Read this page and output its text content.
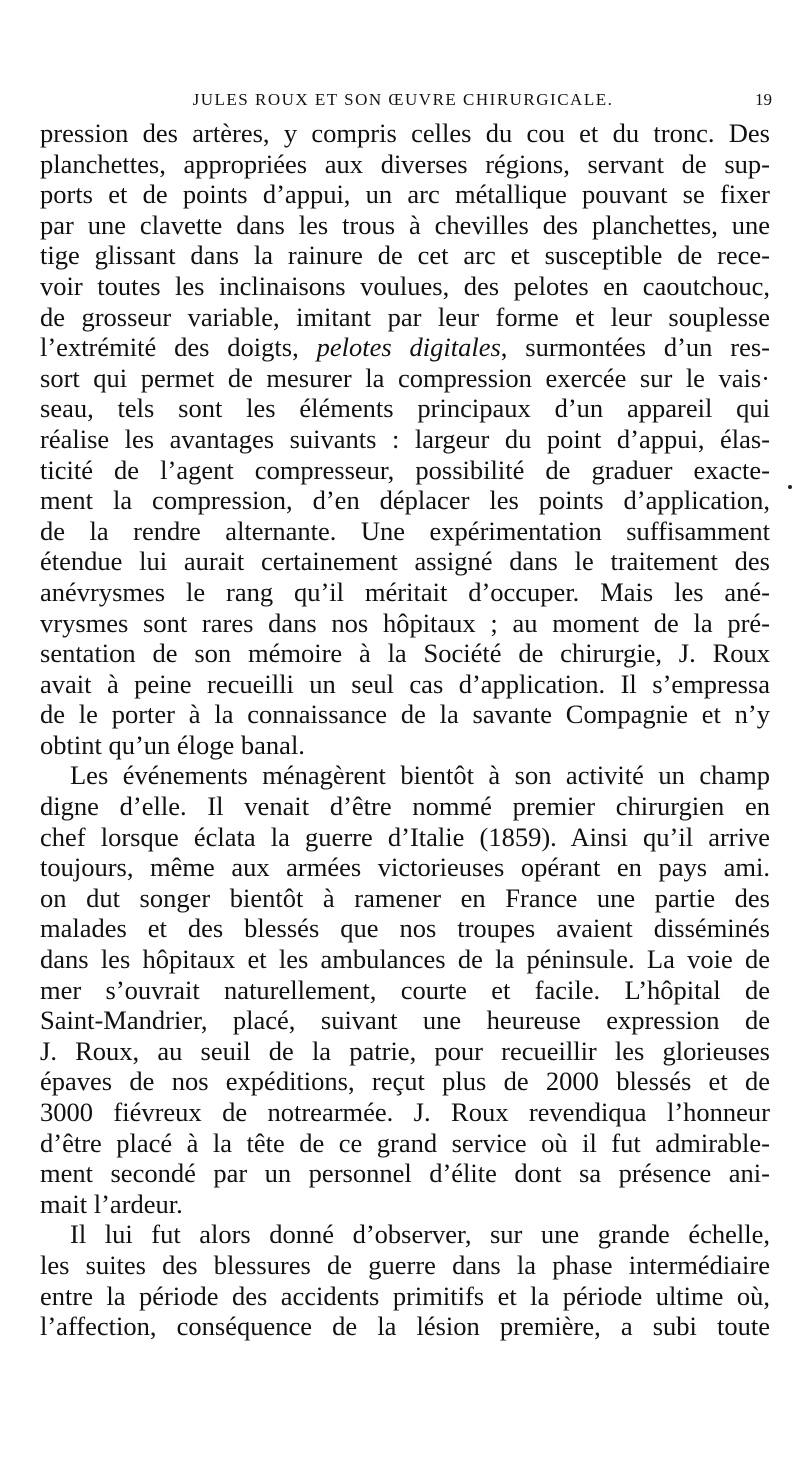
JULES ROUX ET SON ŒUVRE CHIRURGICALE.	19
pression des artères, y compris celles du cou et du tronc. Des
planchettes, appropriées aux diverses régions, servant de sup-
ports et de points d’appui, un arc métallique pouvant se fixer
par une clavette dans les trous à chevilles des planchettes, une
tige glissant dans la rainure de cet arc et susceptible de rece-
voir toutes les inclinaisons voulues, des pelotes en caoutchouc,
de grosseur variable, imitant par leur forme et leur souplesse
l’extrémité des doigts, pelotes digitales, surmontées d’un res-
sort qui permet de mesurer la compression exercée sur le vais·
seau, tels sont les éléments principaux d’un appareil qui
réalise les avantages suivants : largeur du point d’appui, élas-
ticité de l’agent compresseur, possibilité de graduer exacte-
ment la compression, d’en déplacer les points d’application,
de la rendre alternante. Une expérimentation suffisamment
étendue lui aurait certainement assigné dans le traitement des
anévrysmes le rang qu’il méritait d’occuper. Mais les ané-
vrysmes sont rares dans nos hôpitaux ; au moment de la pré-
sentation de son mémoire à la Société de chirurgie, J. Roux
avait à peine recueilli un seul cas d’application. Il s’empressa
de le porter à la connaissance de la savante Compagnie et n’y
obtint qu’un éloge banal.
Les événements ménagèrent bientôt à son activité un champ
digne d’elle. Il venait d’être nommé premier chirurgien en
chef lorsque éclata la guerre d’Italie (1859). Ainsi qu’il arrive
toujours, même aux armées victorieuses opérant en pays ami.
on dut songer bientôt à ramener en France une partie des
malades et des blessés que nos troupes avaient disséminés
dans les hôpitaux et les ambulances de la péninsule. La voie de
mer s’ouvrait naturellement, courte et facile. L’hôpital de
Saint-Mandrier, placé, suivant une heureuse expression de
J. Roux, au seuil de la patrie, pour recueillir les glorieuses
épaves de nos expéditions, reçut plus de 2000 blessés et de
3000 fiévreux de notrearmée. J. Roux revendiqua l’honneur
d’être placé à la tête de ce grand service où il fut admirable-
ment secondé par un personnel d’élite dont sa présence ani-
mait l’ardeur.
Il lui fut alors donné d’observer, sur une grande échelle,
les suites des blessures de guerre dans la phase intermédiaire
entre la période des accidents primitifs et la période ultime où,
l’affection, conséquence de la lésion première, a subi toute
